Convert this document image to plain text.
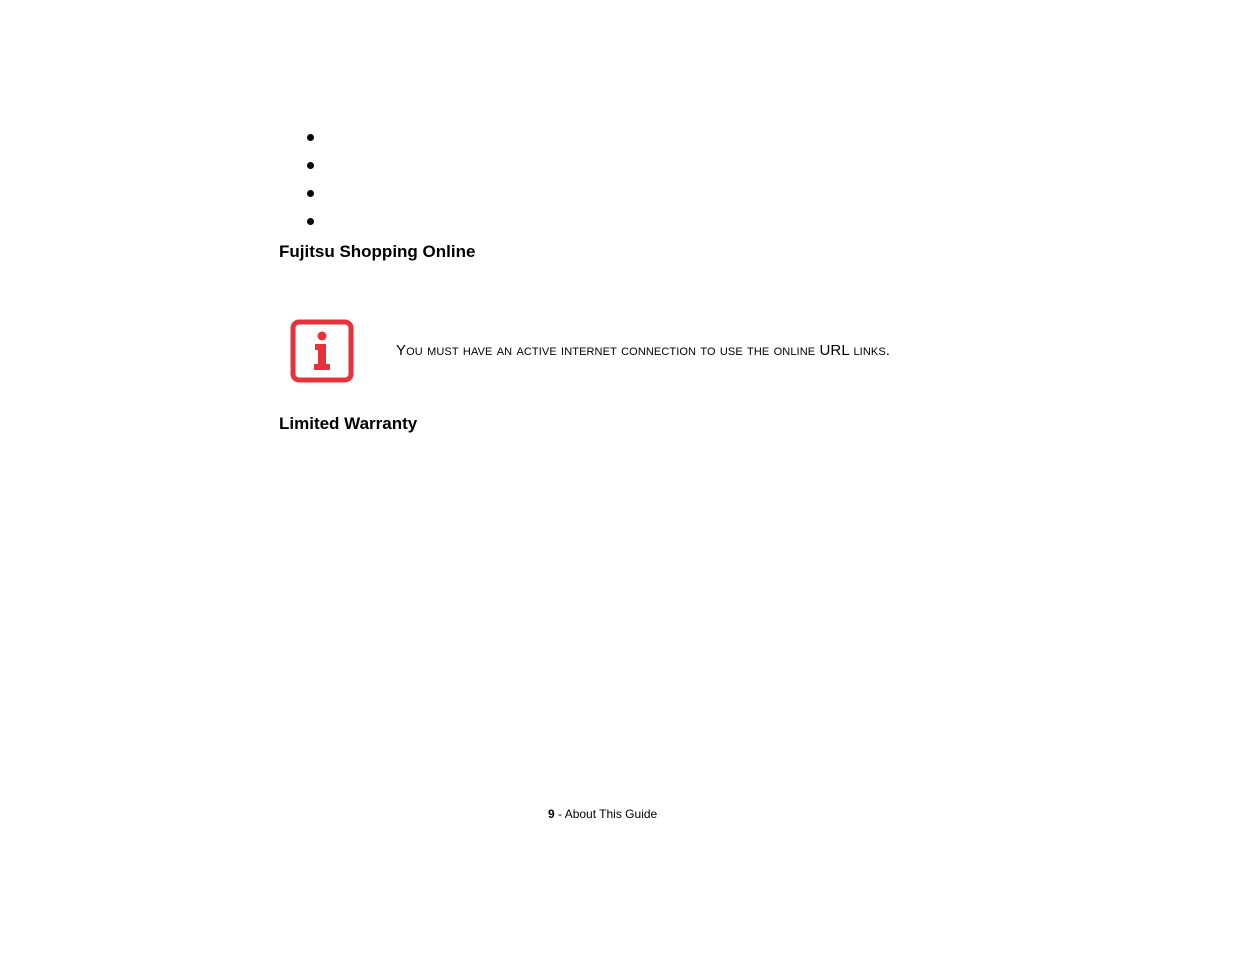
Fujitsu Shopping Online
You must have an active internet connection to use the online URL links.
Limited Warranty
9 - About This Guide
